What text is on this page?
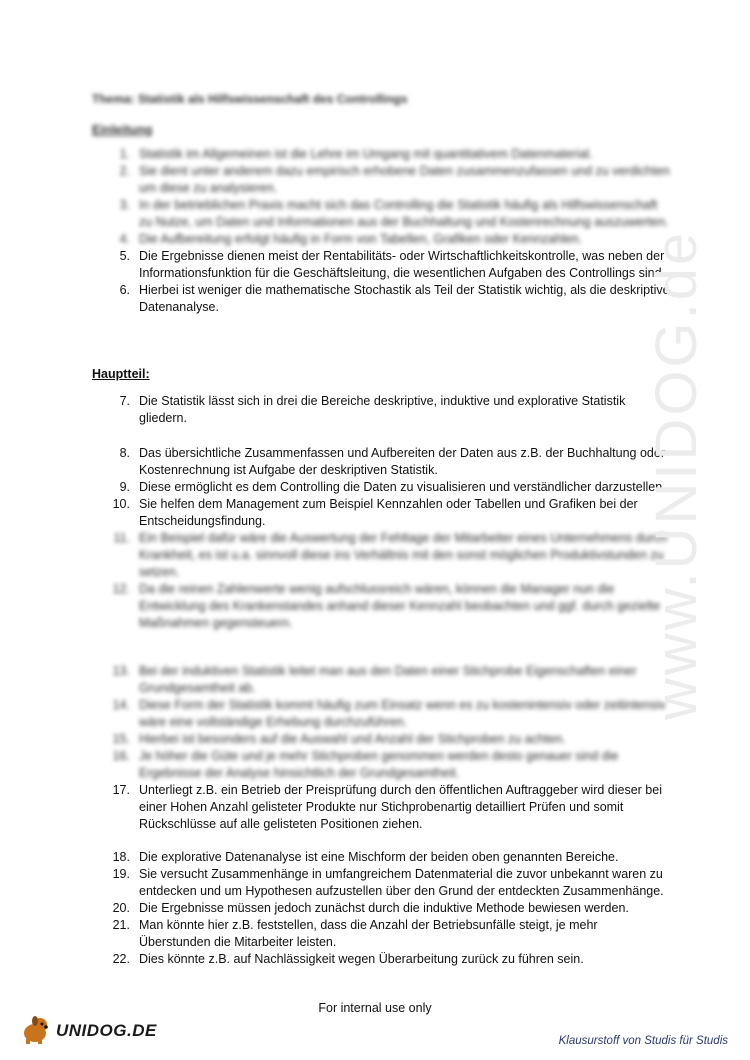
Thema: Statistik als Hilfswissenschaft des Controllings
Einleitung
1. Statistik im Allgemeinen ist die Lehre im Umgang mit quantitativem Datenmaterial.
2. Sie dient unter anderem dazu empirisch erhobene Daten zusammenzufassen und zu verdichten um diese zu analysieren.
3. In der betrieblichen Praxis macht sich das Controlling die Statistik häufig als Hilfswissenschaft zu Nutze, um Daten und Informationen aus der Buchhaltung und Kostenrechnung auszuwerten.
4. Die Aufbereitung erfolgt häufig in Form von Tabellen, Grafiken oder Kennzahlen.
5. Die Ergebnisse dienen meist der Rentabilitäts- oder Wirtschaftlichkeitskontrolle, was neben der Informationsfunktion für die Geschäftsleitung, die wesentlichen Aufgaben des Controllings sind.
6. Hierbei ist weniger die mathematische Stochastik als Teil der Statistik wichtig, als die deskriptive Datenanalyse.
Hauptteil:
7. Die Statistik lässt sich in drei die Bereiche deskriptive, induktive und explorative Statistik gliedern.
8. Das übersichtliche Zusammenfassen und Aufbereiten der Daten aus z.B. der Buchhaltung oder Kostenrechnung ist Aufgabe der deskriptiven Statistik.
9. Diese ermöglicht es dem Controlling die Daten zu visualisieren und verständlicher darzustellen.
10. Sie helfen dem Management zum Beispiel Kennzahlen oder Tabellen und Grafiken bei der Entscheidungsfindung.
11. Ein Beispiel dafür wäre die Auswertung der Fehltage der Mitarbeiter eines Unternehmens durch Krankheit, es ist u.a. sinnvoll diese ins Verhältnis mit den sonst möglichen Produktivstunden zu setzen.
12. Da die reinen Zahlenwerte wenig aufschlussreich wären, können die Manager nun die Entwicklung des Krankenstandes anhand dieser Kennzahl beobachten und ggf. durch gezielte Maßnahmen gegensteuern.
13. Bei der induktiven Statistik leitet man aus den Daten einer Stichprobe Eigenschaften einer Grundgesamtheit ab.
14. Diese Form der Statistik kommt häufig zum Einsatz wenn es zu kostenintensiv oder zeitintensiv wäre eine vollständige Erhebung durchzuführen.
15. Hierbei ist besonders auf die Auswahl und Anzahl der Stichproben zu achten.
16. Je höher die Güte und je mehr Stichproben genommen werden desto genauer sind die Ergebnisse der Analyse hinsichtlich der Grundgesamtheit.
17. Unterliegt z.B. ein Betrieb der Preisprüfung durch den öffentlichen Auftraggeber wird dieser bei einer Hohen Anzahl gelisteter Produkte nur Stichprobenartig detailliert Prüfen und somit Rückschlüsse auf alle gelisteten Positionen ziehen.
18. Die explorative Datenanalyse ist eine Mischform der beiden oben genannten Bereiche.
19. Sie versucht Zusammenhänge in umfangreichem Datenmaterial die zuvor unbekannt waren zu entdecken und um Hypothesen aufzustellen über den Grund der entdeckten Zusammenhänge.
20. Die Ergebnisse müssen jedoch zunächst durch die induktive Methode bewiesen werden.
21. Man könnte hier z.B. feststellen, dass die Anzahl der Betriebsunfälle steigt, je mehr Überstunden die Mitarbeiter leisten.
22. Dies könnte z.B. auf Nachlässigkeit wegen Überarbeitung zurück zu führen sein.
www.UNIDOG.de
For internal use only
UNIDOG.DE
Klausurstoff von Studis für Studis
